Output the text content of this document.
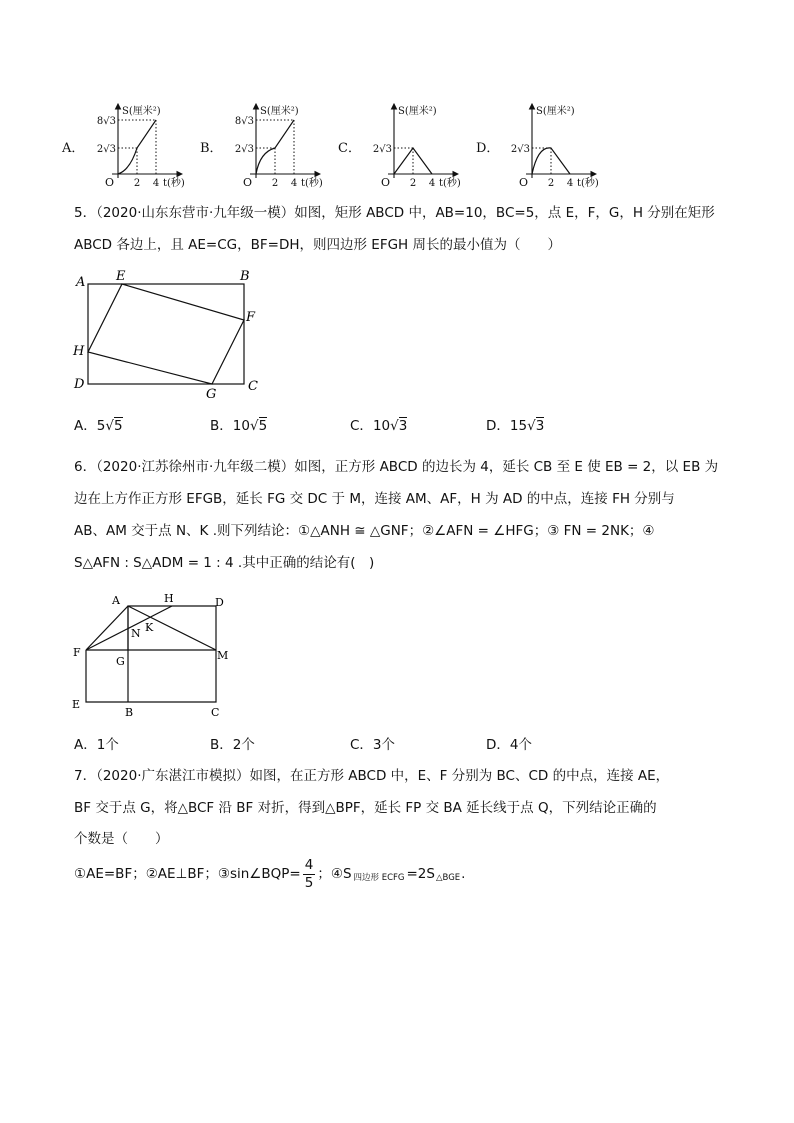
A．
S(厘米²)
8√3
2√3
O 2 4 t(秒)
B．
S(厘米²)
8√3
2√3
O 2 4 t(秒)
C．
S(厘米²)
2√3
O 2 4 t(秒)
D．
S(厘米²)
2√3
O 2 4 t(秒)
5．（2020·山东东营市·九年级一模）如图，矩形 ABCD 中，AB=10，BC=5，点 E，F，G，H 分别在矩形
ABCD 各边上，且 AE=CG，BF=DH，则四边形 EFGH 周长的最小值为（　　）
A E	B
F
H
D
G
C
A．5√5	B．10√5	C．10√3	D．15√3
6．（2020·江苏徐州市·九年级二模）如图，正方形 ABCD 的边长为 4，延长 CB 至 E 使 EB = 2，以 EB 为
边在上方作正方形 EFGB，延长 FG 交 DC 于 M，连接 AM、AF，H 为 AD 的中点，连接 FH 分别与
AB、AM 交于点 N、K .则下列结论：①△ANH ≅ △GNF；②∠AFN = ∠HFG；③ FN = 2NK；④
S△AFN : S△ADM = 1 : 4 .其中正确的结论有(　)
A	H	D
K
N
F
G	M
E
B	C
A．1个	B．2个	C．3个	D．4个
7．（2020·广东湛江市模拟）如图，在正方形 ABCD 中，E、F 分别为 BC、CD 的中点，连接 AE，
BF 交于点 G，将△BCF 沿 BF 对折，得到△BPF，延长 FP 交 BA 延长线于点 Q，下列结论正确的
个数是（　　）
①AE=BF；②AE⊥BF；③sin∠BQP= $\frac{4}{5}$ ；④S 四边形 ECFG =2S △BGE .
